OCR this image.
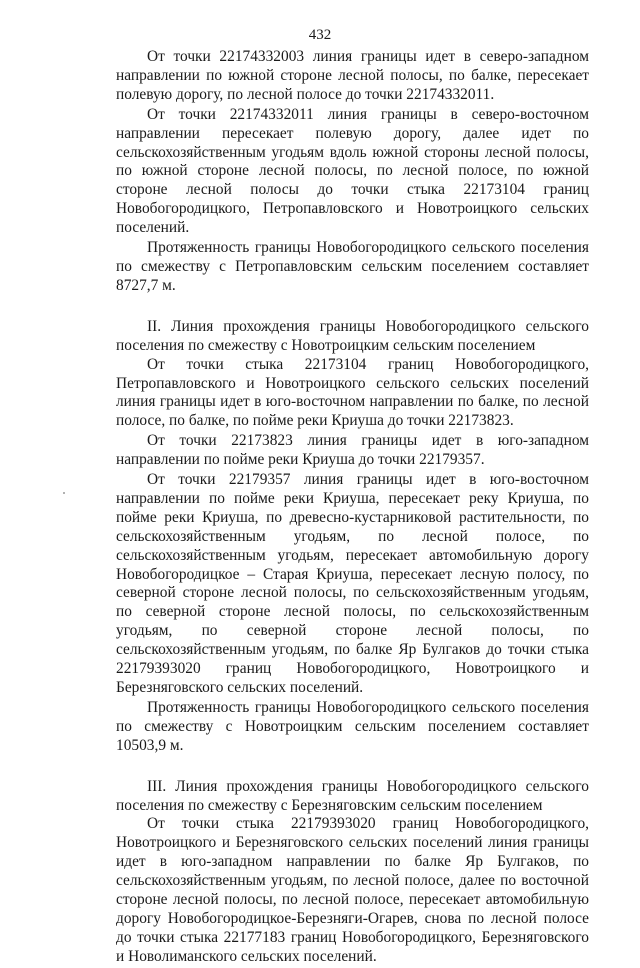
432

От точки 22174332003 линия границы идет в северо-западном направлении по южной стороне лесной полосы, по балке, пересекает полевую дорогу, по лесной полосе до точки 22174332011.

От точки 22174332011 линия границы в северо-восточном направлении пересекает полевую дорогу, далее идет по сельскохозяйственным угодьям вдоль южной стороны лесной полосы, по южной стороне лесной полосы, по лесной полосе, по южной стороне лесной полосы до точки стыка 22173104 границ Новобогородицкого, Петропавловского и Новотроицкого сельских поселений.

Протяженность границы Новобогородицкого сельского поселения по смежеству с Петропавловским сельским поселением составляет 8727,7 м.

II. Линия прохождения границы Новобогородицкого сельского поселения по смежеству с Новотроицким сельским поселением

От точки стыка 22173104 границ Новобогородицкого, Петропавловского и Новотроицкого сельского сельских поселений линия границы идет в юго-восточном направлении по балке, по лесной полосе, по балке, по пойме реки Криуша до точки 22173823.

От точки 22173823 линия границы идет в юго-западном направлении по пойме реки Криуша до точки 22179357.

От точки 22179357 линия границы идет в юго-восточном направлении по пойме реки Криуша, пересекает реку Криуша, по пойме реки Криуша, по древесно-кустарниковой растительности, по сельскохозяйственным угодьям, по лесной полосе, по сельскохозяйственным угодьям, пересекает автомобильную дорогу Новобогородицкое – Старая Криуша, пересекает лесную полосу, по северной стороне лесной полосы, по сельскохозяйственным угодьям, по северной стороне лесной полосы, по сельскохозяйственным угодьям, по северной стороне лесной полосы, по сельскохозяйственным угодьям, по балке Яр Булгаков до точки стыка 22179393020 границ Новобогородицкого, Новотроицкого и Березняговского сельских поселений.

Протяженность границы Новобогородицкого сельского поселения по смежеству с Новотроицким сельским поселением составляет 10503,9 м.

III. Линия прохождения границы Новобогородицкого сельского поселения по смежеству с Березняговским сельским поселением

От точки стыка 22179393020 границ Новобогородицкого, Новотроицкого и Березняговского сельских поселений линия границы идет в юго-западном направлении по балке Яр Булгаков, по сельскохозяйственным угодьям, по лесной полосе, далее по восточной стороне лесной полосы, по лесной полосе, пересекает автомобильную дорогу Новобогородицкое-Березняги-Огарев, снова по лесной полосе до точки стыка 22177183 границ Новобогородицкого, Березняговского и Новолиманского сельских поселений.
